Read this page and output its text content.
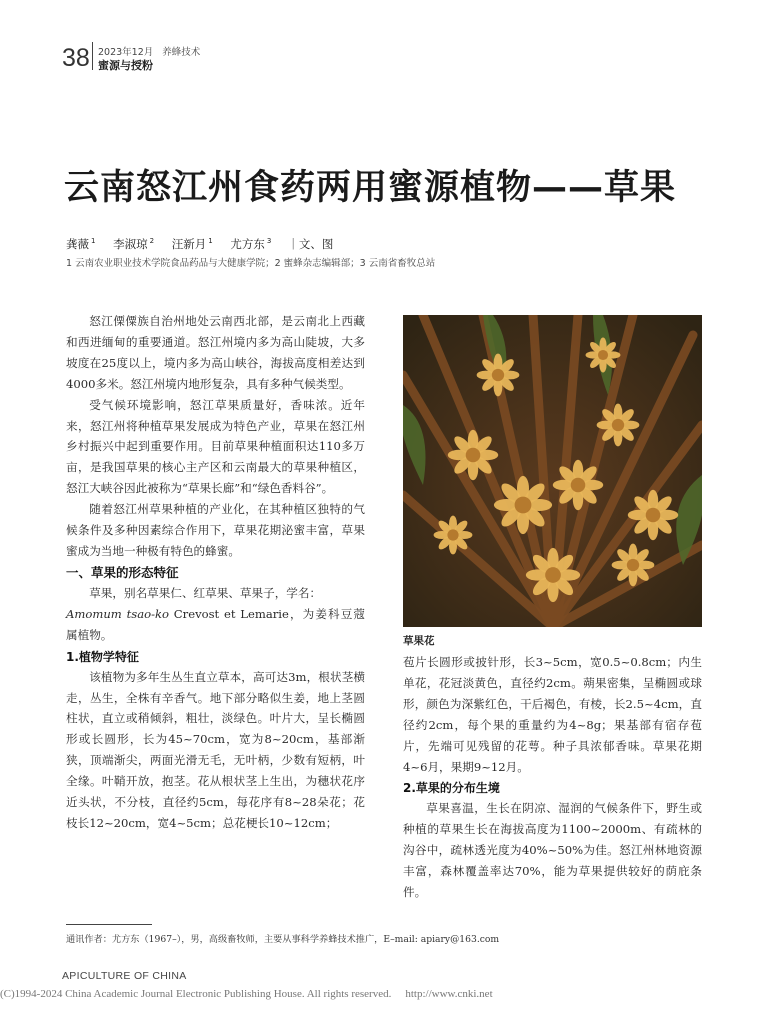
38 2023年12月 养蜂技术
蜜源与授粉
云南怒江州食药两用蜜源植物——草果
龚薇 $^1$ 李淑琼 $^2$ 汪新月 $^1$ 尤方东 $^3$ ｜文、图
1 云南农业职业技术学院食品药品与大健康学院；2 蜜蜂杂志编辑部；3 云南省畜牧总站

怒江傈僳族自治州地处云南西北部，是云南北上西藏和西进缅甸的重要通道。怒江州境内多为高山陡坡，大多坡度在25度以上，境内多为高山峡谷，海拔高度相差达到4000多米。怒江州境内地形复杂，具有多种气候类型。

受气候环境影响，怒江草果质量好，香味浓。近年来，怒江州将种植草果发展成为特色产业，草果在怒江州乡村振兴中起到重要作用。目前草果种植面积达110多万亩，是我国草果的核心主产区和云南最大的草果种植区，怒江大峡谷因此被称为“草果长廊”和“绿色香料谷”。

随着怒江州草果种植的产业化，在其种植区独特的气候条件及多种因素综合作用下，草果花期泌蜜丰富，草果蜜成为当地一种极有特色的蜂蜜。

一、草果的形态特征

草果，别名草果仁、红草果、草果子，学名：
Amomum tsao-ko Crevost et Lemarie，为姜科豆蔻属植物。

1.植物学特征

该植物为多年生丛生直立草本，高可达3m，根状茎横走，丛生，全株有辛香气。地下部分略似生姜，地上茎圆柱状，直立或稍倾斜，粗壮，淡绿色。叶片大，呈长椭圆形或长圆形，长为45~70cm，宽为8~20cm，基部渐狭，顶端渐尖，两面光滑无毛，无叶柄，少数有短柄，叶全缘。叶鞘开放，抱茎。花从根状茎上生出，为穗状花序近头状，不分枝，直径约5cm，每花序有8~28朵花；花枝长12~20cm，宽4~5cm；总花梗长10~12cm；

草果花

苞片长圆形或披针形，长3~5cm，宽0.5~0.8cm；内生单花，花冠淡黄色，直径约2cm。蒴果密集，呈椭圆或球形，颜色为深紫红色，干后褐色，有棱，长2.5~4cm，直径约2cm，每个果的重量约为4~8g；果基部有宿存苞片，先端可见残留的花萼。种子具浓郁香味。草果花期4~6月，果期9~12月。

2.草果的分布生境

草果喜温，生长在阴凉、湿润的气候条件下，野生或种植的草果生长在海拔高度为1100~2000m、有疏林的沟谷中，疏林透光度为40%~50%为佳。怒江州林地资源丰富，森林覆盖率达70%，能为草果提供较好的荫庇条件。

通讯作者：尤方东（1967–），男，高级畜牧师，主要从事科学养蜂技术推广，E–mail: apiary@163.com
APICULTURE OF CHINA
(C)1994-2024 China Academic Journal Electronic Publishing House. All rights reserved. http://www.cnki.net
